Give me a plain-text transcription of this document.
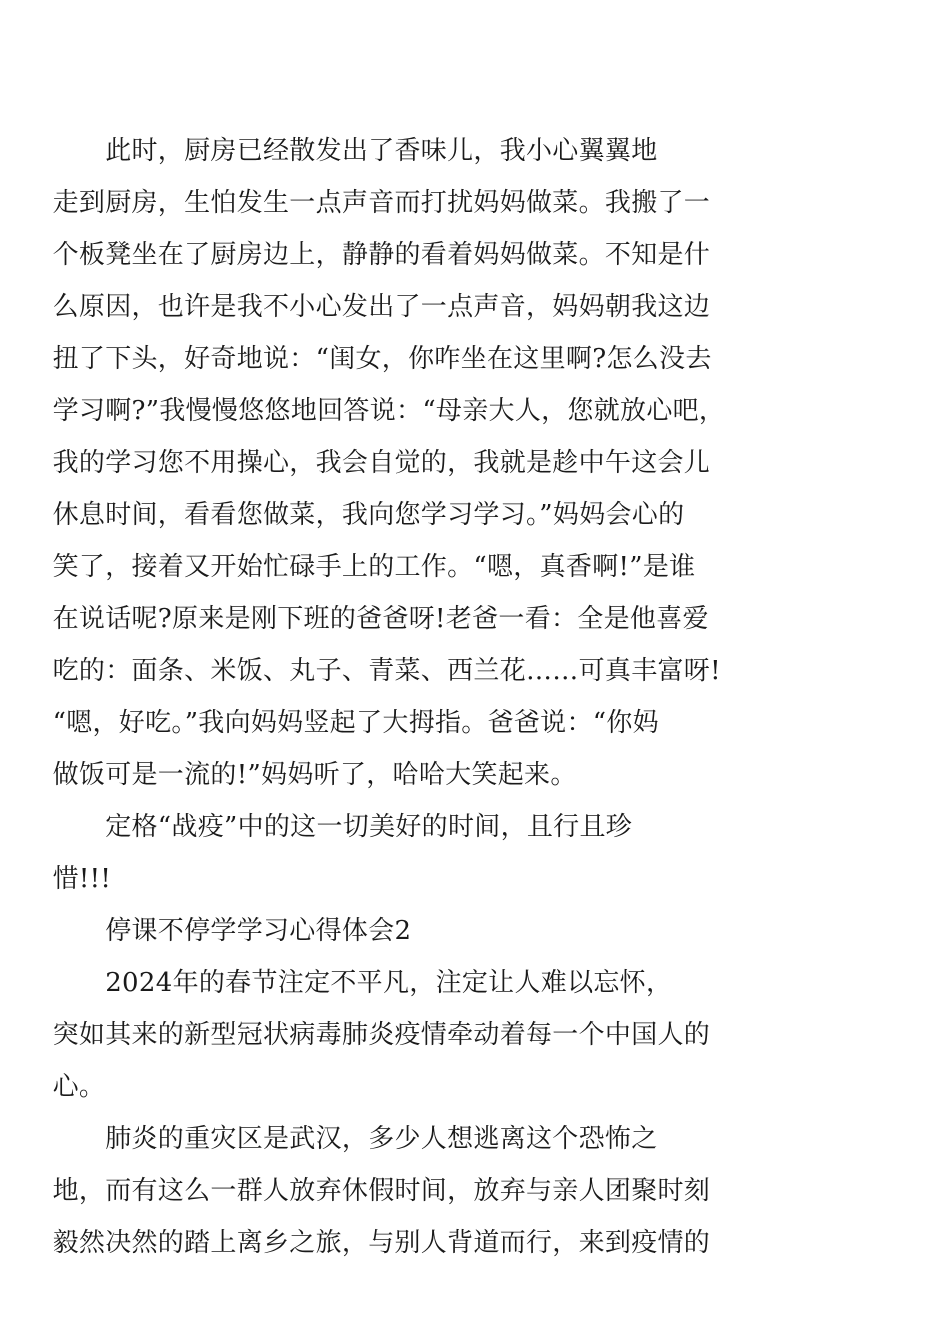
　　　　此时，厨房已经散发出了香味儿，我小心翼翼地
　　走到厨房，生怕发生一点声音而打扰妈妈做菜。我搬了一
　　个板凳坐在了厨房边上，静静的看着妈妈做菜。不知是什
　　么原因，也许是我不小心发出了一点声音，妈妈朝我这边
　　扭了下头，好奇地说：“闺女，你咋坐在这里啊?怎么没去
　　学习啊?”我慢慢悠悠地回答说：“母亲大人，您就放心吧，
　　我的学习您不用操心，我会自觉的，我就是趁中午这会儿
　　休息时间，看看您做菜，我向您学习学习。”妈妈会心的
　　笑了，接着又开始忙碌手上的工作。“嗯，真香啊!”是谁
　　在说话呢?原来是刚下班的爸爸呀!老爸一看：全是他喜爱
　　吃的：面条、米饭、丸子、青菜、西兰花……可真丰富呀!
　　“嗯，好吃。”我向妈妈竖起了大拇指。爸爸说：“你妈
　　做饭可是一流的!”妈妈听了，哈哈大笑起来。
　　　　定格“战疫”中的这一切美好的时间，且行且珍
　　惜!!!
　　　　停课不停学学习心得体会2
　　　　2024年的春节注定不平凡，注定让人难以忘怀，
　　突如其来的新型冠状病毒肺炎疫情牵动着每一个中国人的
　　心。
　　　　肺炎的重灾区是武汉，多少人想逃离这个恐怖之
　　地，而有这么一群人放弃休假时间，放弃与亲人团聚时刻
　　毅然决然的踏上离乡之旅，与别人背道而行，来到疫情的
